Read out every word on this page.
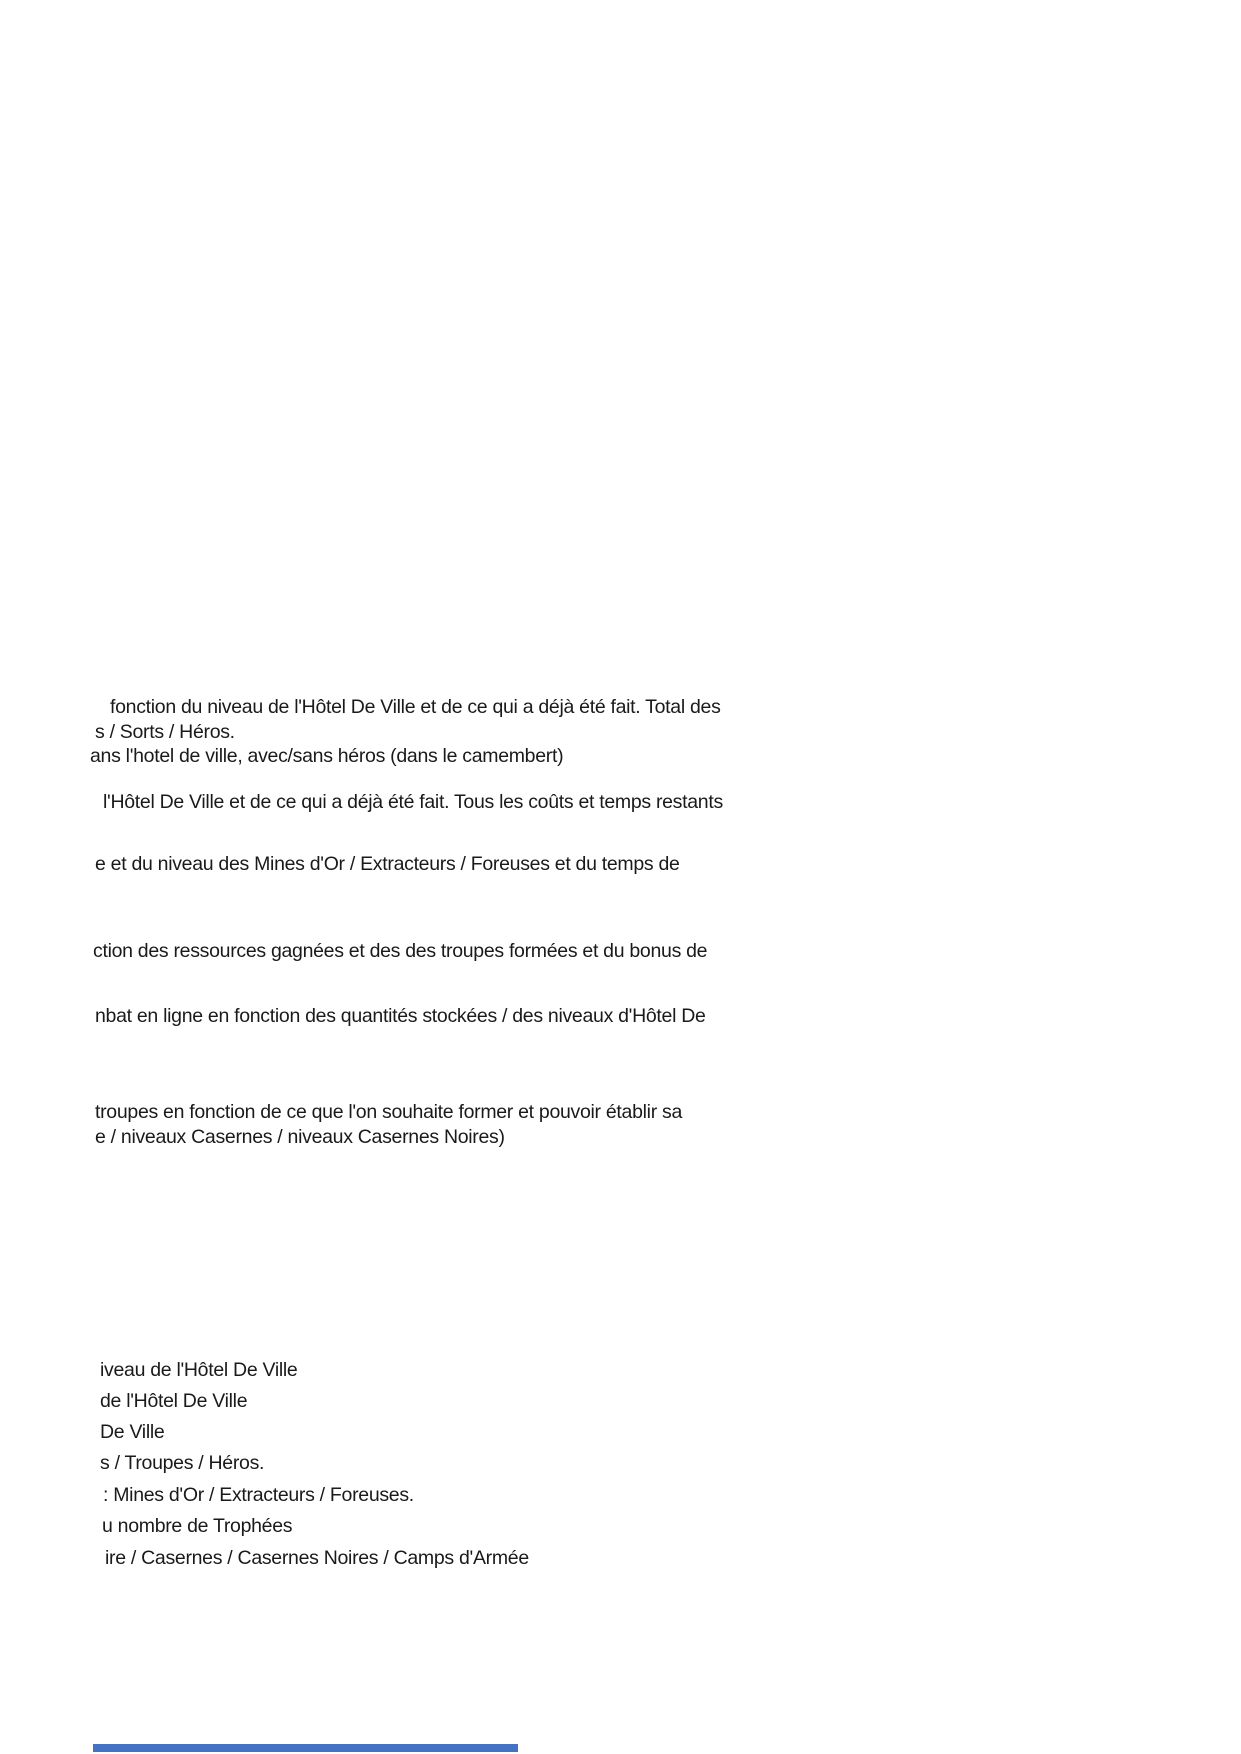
fonction du niveau de l'Hôtel De Ville et de ce qui a déjà été fait. Total des
s / Sorts / Héros.
ans l'hotel de ville, avec/sans héros (dans le camembert)
l'Hôtel De Ville et de ce qui a déjà été fait. Tous les coûts et temps restants
e et du niveau des Mines d'Or / Extracteurs / Foreuses et du temps de
ction des ressources gagnées et des des troupes formées et du bonus de
nbat en ligne en fonction des quantités stockées / des niveaux d'Hôtel De
troupes en fonction de ce que l'on souhaite former et pouvoir établir sa
e / niveaux Casernes / niveaux Casernes Noires)
iveau de l'Hôtel De Ville
de l'Hôtel De Ville
De Ville
s / Troupes / Héros.
: Mines d'Or / Extracteurs / Foreuses.
u nombre de Trophées
ire / Casernes / Casernes Noires / Camps d'Armée
